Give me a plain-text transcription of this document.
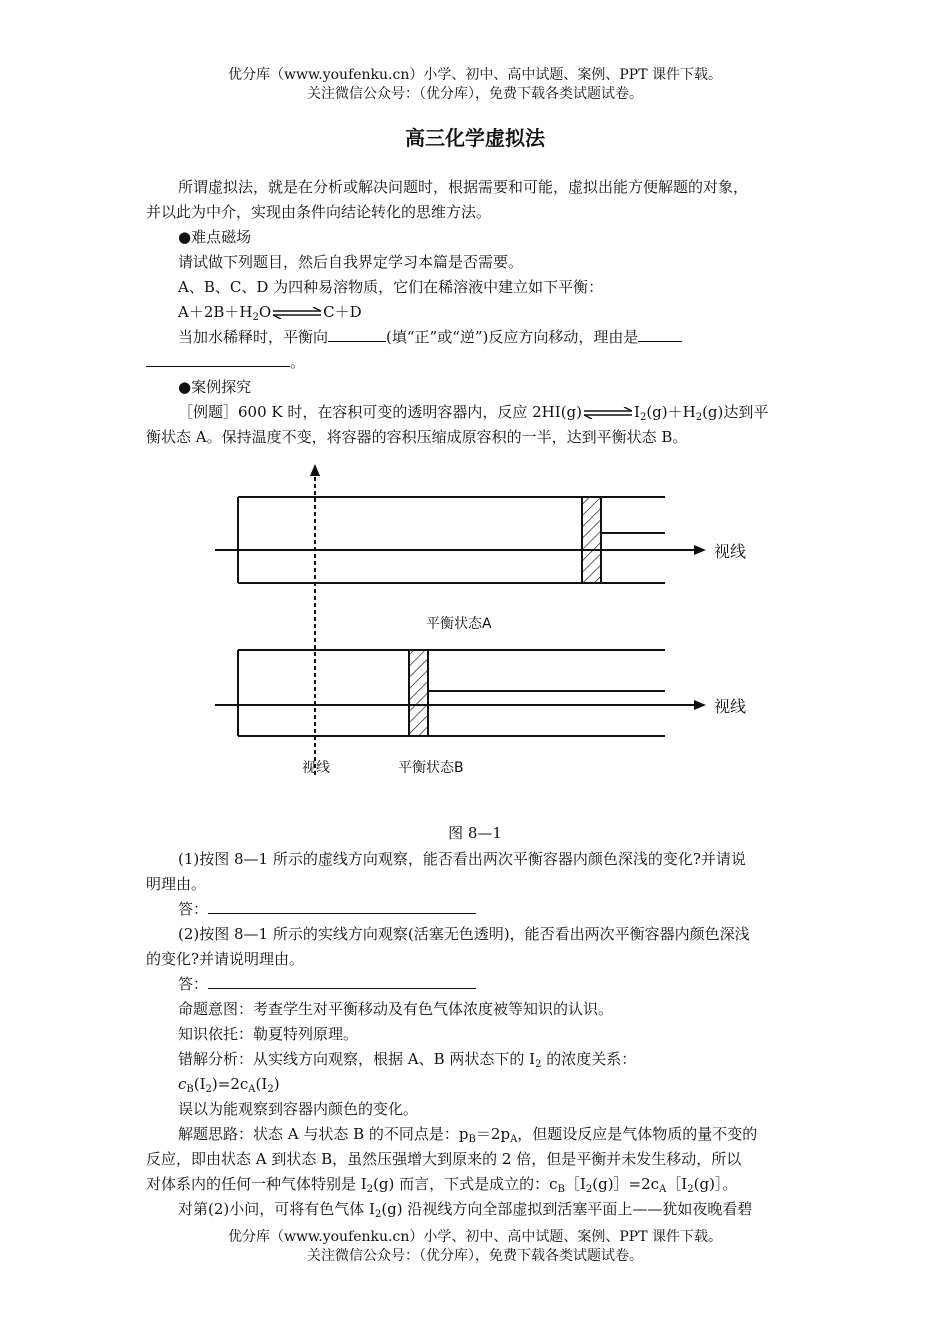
优分库（www.youfenku.cn）小学、初中、高中试题、案例、PPT 课件下载。
关注微信公众号：（优分库），免费下载各类试题试卷。
高三化学虚拟法
所谓虚拟法，就是在分析或解决问题时，根据需要和可能，虚拟出能方便解题的对象，
并以此为中介，实现由条件向结论转化的思维方法。
●难点磁场
请试做下列题目，然后自我界定学习本篇是否需要。
A、B、C、D 为四种易溶物质，它们在稀溶液中建立如下平衡：
$A+2B+H_2O\rightleftharpoons C+D$
当加水稀释时，平衡向	(填“正”或“逆”)反应方向移动，理由是
。
●案例探究
［例题］600 K 时，在容积可变的透明容器内，反应 $2HI(g)\rightleftharpoons I_2(g)+H_2(g)$达到平
衡状态 A。保持温度不变，将容器的容积压缩成原容积的一半，达到平衡状态 B。
视线
平衡状态A
视线
视线	平衡状态B
图 8—1
(1)按图 8—1 所示的虚线方向观察，能否看出两次平衡容器内颜色深浅的变化?并请说
明理由。
答：
(2)按图 8—1 所示的实线方向观察(活塞无色透明)，能否看出两次平衡容器内颜色深浅
的变化?并请说明理由。
答：
命题意图：考查学生对平衡移动及有色气体浓度被等知识的认识。
知识依托：勒夏特列原理。
错解分析：从实线方向观察，根据 A、B 两状态下的 $I_2$ 的浓度关系：
$c_B(I_2)=2c_A(I_2)$
误以为能观察到容器内颜色的变化。
解题思路：状态 A 与状态 B 的不同点是：$p_B=2p_A$，但题设反应是气体物质的量不变的
反应，即由状态 A 到状态 B，虽然压强增大到原来的 2 倍，但是平衡并未发生移动，所以
对体系内的任何一种气体特别是 $I_2(g)$ 而言，下式是成立的：$c_B[I_2(g)]=2c_A[I_2(g)]$。
对第(2)小问，可将有色气体 $I_2(g)$ 沿视线方向全部虚拟到活塞平面上——犹如夜晚看碧
优分库（www.youfenku.cn）小学、初中、高中试题、案例、PPT 课件下载。
关注微信公众号：（优分库），免费下载各类试题试卷。
